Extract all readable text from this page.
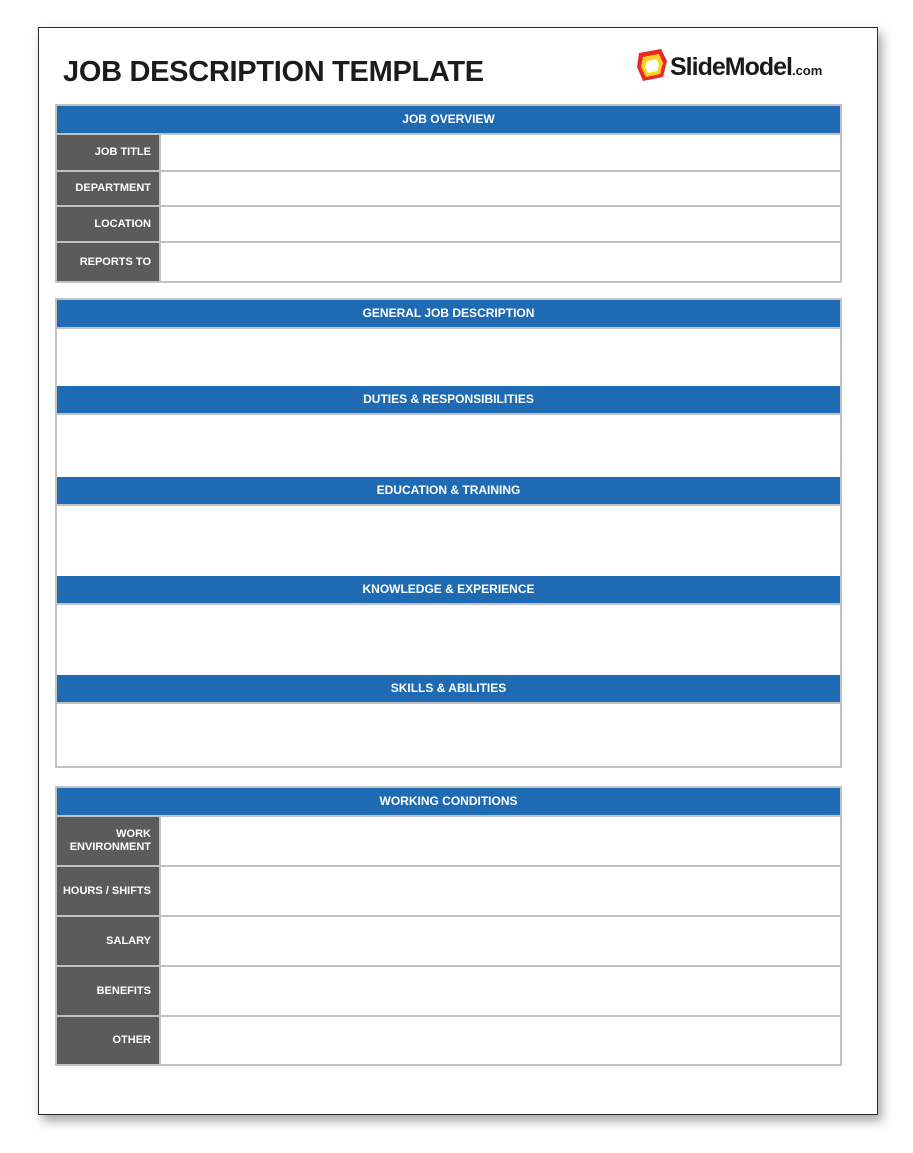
JOB DESCRIPTION TEMPLATE	SlideModel.com
JOB OVERVIEW
JOB TITLE
DEPARTMENT
LOCATION
REPORTS TO
GENERAL JOB DESCRIPTION
DUTIES & RESPONSIBILITIES
EDUCATION & TRAINING
KNOWLEDGE & EXPERIENCE
SKILLS & ABILITIES
WORKING CONDITIONS
WORK ENVIRONMENT
HOURS / SHIFTS
SALARY
BENEFITS
OTHER
